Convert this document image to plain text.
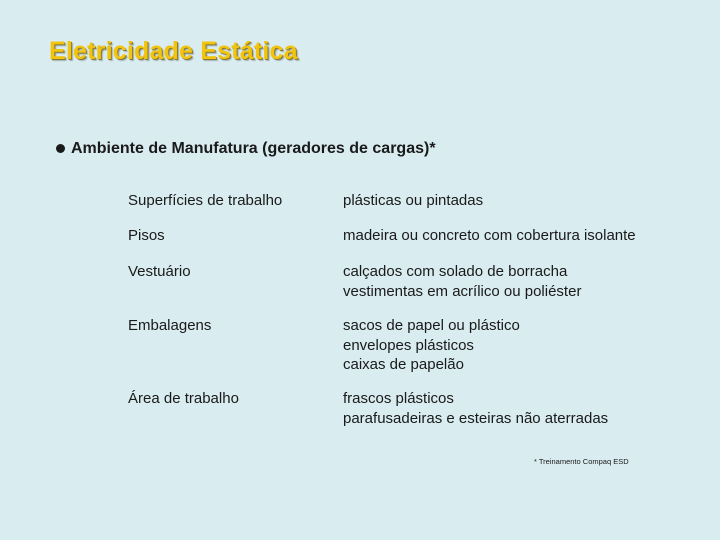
Eletricidade Estática
Ambiente de Manufatura (geradores de cargas)*
Superfícies de trabalho	plásticas ou pintadas
Pisos	madeira ou concreto com cobertura isolante
Vestuário	calçados com solado de borracha
vestimentas em acrílico ou poliéster
Embalagens	sacos de papel ou plástico
envelopes plásticos
caixas de papelão
Área de trabalho	frascos plásticos
parafusadeiras e esteiras não aterradas
* Treinamento Compaq ESD
